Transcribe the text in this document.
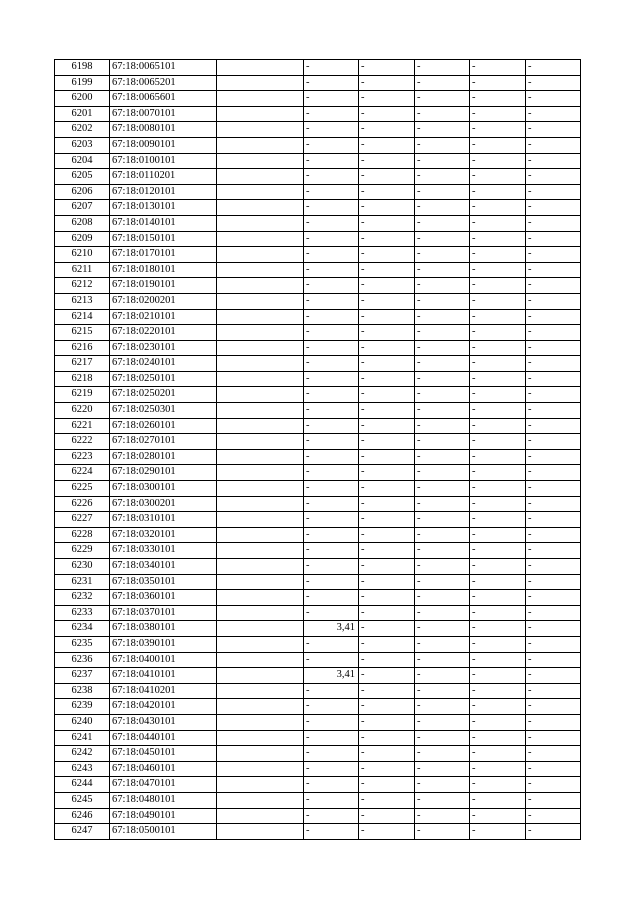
6198	67:18:0065101		-	-	-	-	-
6199	67:18:0065201		-	-	-	-	-
6200	67:18:0065601		-	-	-	-	-
6201	67:18:0070101		-	-	-	-	-
6202	67:18:0080101		-	-	-	-	-
6203	67:18:0090101		-	-	-	-	-
6204	67:18:0100101		-	-	-	-	-
6205	67:18:0110201		-	-	-	-	-
6206	67:18:0120101		-	-	-	-	-
6207	67:18:0130101		-	-	-	-	-
6208	67:18:0140101		-	-	-	-	-
6209	67:18:0150101		-	-	-	-	-
6210	67:18:0170101		-	-	-	-	-
6211	67:18:0180101		-	-	-	-	-
6212	67:18:0190101		-	-	-	-	-
6213	67:18:0200201		-	-	-	-	-
6214	67:18:0210101		-	-	-	-	-
6215	67:18:0220101		-	-	-	-	-
6216	67:18:0230101		-	-	-	-	-
6217	67:18:0240101		-	-	-	-	-
6218	67:18:0250101		-	-	-	-	-
6219	67:18:0250201		-	-	-	-	-
6220	67:18:0250301		-	-	-	-	-
6221	67:18:0260101		-	-	-	-	-
6222	67:18:0270101		-	-	-	-	-
6223	67:18:0280101		-	-	-	-	-
6224	67:18:0290101		-	-	-	-	-
6225	67:18:0300101		-	-	-	-	-
6226	67:18:0300201		-	-	-	-	-
6227	67:18:0310101		-	-	-	-	-
6228	67:18:0320101		-	-	-	-	-
6229	67:18:0330101		-	-	-	-	-
6230	67:18:0340101		-	-	-	-	-
6231	67:18:0350101		-	-	-	-	-
6232	67:18:0360101		-	-	-	-	-
6233	67:18:0370101		-	-	-	-	-
6234	67:18:0380101		3,41	-	-	-	-
6235	67:18:0390101		-	-	-	-	-
6236	67:18:0400101		-	-	-	-	-
6237	67:18:0410101		3,41	-	-	-	-
6238	67:18:0410201		-	-	-	-	-
6239	67:18:0420101		-	-	-	-	-
6240	67:18:0430101		-	-	-	-	-
6241	67:18:0440101		-	-	-	-	-
6242	67:18:0450101		-	-	-	-	-
6243	67:18:0460101		-	-	-	-	-
6244	67:18:0470101		-	-	-	-	-
6245	67:18:0480101		-	-	-	-	-
6246	67:18:0490101		-	-	-	-	-
6247	67:18:0500101		-	-	-	-	-
